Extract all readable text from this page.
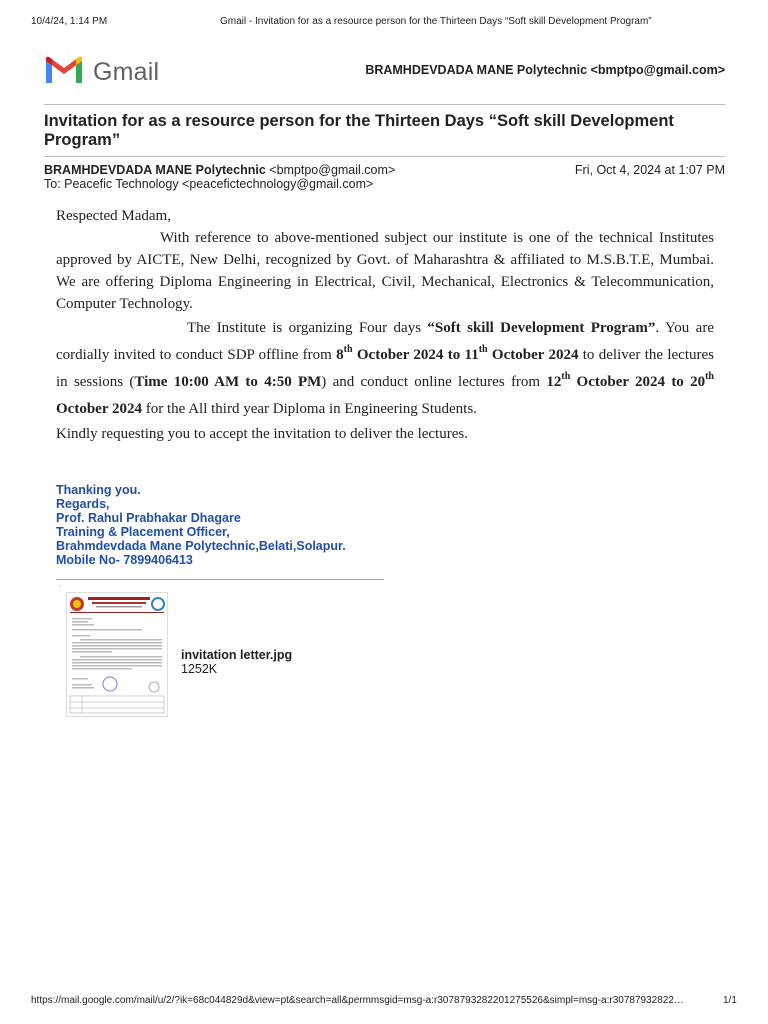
10/4/24, 1:14 PM	Gmail - Invitation for as a resource person for the Thirteen Days “Soft skill Development Program”
Gmail	BRAMHDEVDADA MANE Polytechnic <bmptpo@gmail.com>
Invitation for as a resource person for the Thirteen Days “Soft skill Development Program”
BRAMHDEVDADA MANE Polytechnic <bmptpo@gmail.com>	Fri, Oct 4, 2024 at 1:07 PM
To: Peacefic Technology <peacefictechnology@gmail.com>

Respected Madam,

With reference to above-mentioned subject our institute is one of the technical Institutes approved by AICTE, New Delhi, recognized by Govt. of Maharashtra & affiliated to M.S.B.T.E, Mumbai. We are offering Diploma Engineering in Electrical, Civil, Mechanical, Electronics & Telecommunication, Computer Technology.

The Institute is organizing Four days “Soft skill Development Program”. You are cordially invited to conduct SDP offline from 8th October 2024 to 11th October 2024 to deliver the lectures in sessions (Time 10:00 AM to 4:50 PM) and conduct online lectures from 12th October 2024 to 20th October 2024 for the All third year Diploma in Engineering Students.

Kindly requesting you to accept the invitation to deliver the lectures.

Thanking you.
Regards,
Prof. Rahul Prabhakar Dhagare
Training & Placement Officer,
Brahmdevdada Mane Polytechnic,Belati,Solapur.
Mobile No- 7899406413
-
invitation letter.jpg
1252K
https://mail.google.com/mail/u/2/?ik=68c044829d&view=pt&search=all&permmsgid=msg-a:r3078793282201275526&simpl=msg-a:r30787932822…	1/1
